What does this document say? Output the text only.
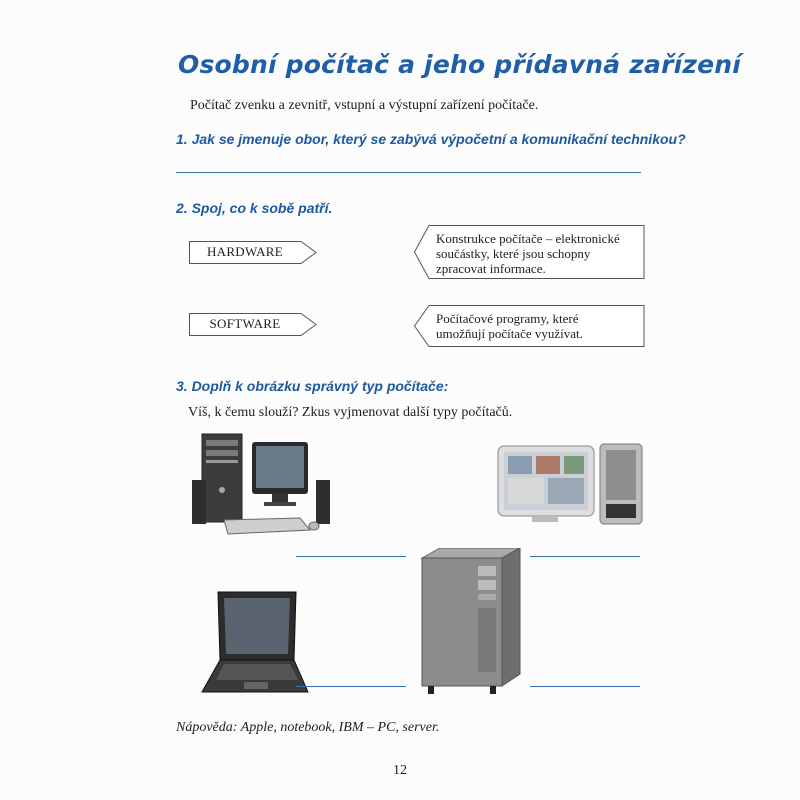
Osobní počítač a jeho přídavná zařízení
Počítač zvenku a zevnitř, vstupní a výstupní zařízení počítače.
1. Jak se jmenuje obor, který se zabývá výpočetní a komunikační technikou?
2. Spoj, co k sobě patří.
HARDWARE
SOFTWARE
Konstrukce počítače – elektronické
součástky, které jsou schopny
zpracovat informace.
Počítačové programy, které
umožňují počítače využívat.
3. Doplň k obrázku správný typ počítače:
Víš, k čemu slouží? Zkus vyjmenovat další typy počítačů.
Nápověda: Apple, notebook, IBM – PC, server.
12
